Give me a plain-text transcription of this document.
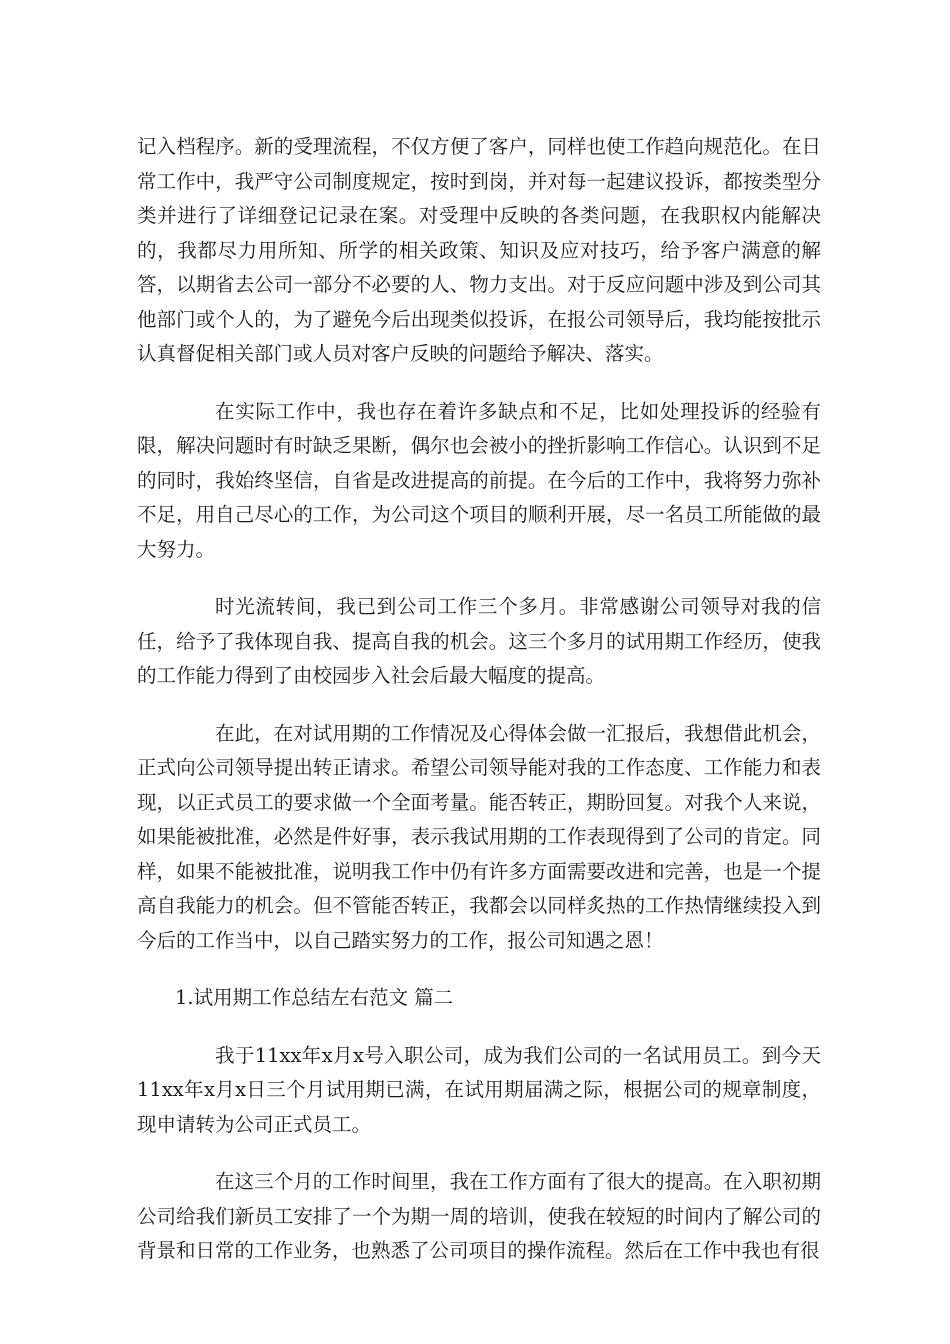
记入档程序。新的受理流程，不仅方便了客户，同样也使工作趋向规范化。在日常工作中，我严守公司制度规定，按时到岗，并对每一起建议投诉，都按类型分类并进行了详细登记记录在案。对受理中反映的各类问题，在我职权内能解决的，我都尽力用所知、所学的相关政策、知识及应对技巧，给予客户满意的解答，以期省去公司一部分不必要的人、物力支出。对于反应问题中涉及到公司其他部门或个人的，为了避免今后出现类似投诉，在报公司领导后，我均能按批示认真督促相关部门或人员对客户反映的问题给予解决、落实。

在实际工作中，我也存在着许多缺点和不足，比如处理投诉的经验有限，解决问题时有时缺乏果断，偶尔也会被小的挫折影响工作信心。认识到不足的同时，我始终坚信，自省是改进提高的前提。在今后的工作中，我将努力弥补不足，用自己尽心的工作，为公司这个项目的顺利开展，尽一名员工所能做的最大努力。

时光流转间，我已到公司工作三个多月。非常感谢公司领导对我的信任，给予了我体现自我、提高自我的机会。这三个多月的试用期工作经历，使我的工作能力得到了由校园步入社会后最大幅度的提高。

在此，在对试用期的工作情况及心得体会做一汇报后，我想借此机会，正式向公司领导提出转正请求。希望公司领导能对我的工作态度、工作能力和表现，以正式员工的要求做一个全面考量。能否转正，期盼回复。对我个人来说，如果能被批准，必然是件好事，表示我试用期的工作表现得到了公司的肯定。同样，如果不能被批准，说明我工作中仍有许多方面需要改进和完善，也是一个提高自我能力的机会。但不管能否转正，我都会以同样炙热的工作热情继续投入到今后的工作当中，以自己踏实努力的工作，报公司知遇之恩！

1.试用期工作总结左右范文 篇二

我于11xx年x月x号入职公司，成为我们公司的一名试用员工。到今天11xx年x月x日三个月试用期已满，在试用期届满之际，根据公司的规章制度，现申请转为公司正式员工。

在这三个月的工作时间里，我在工作方面有了很大的提高。在入职初期公司给我们新员工安排了一个为期一周的培训，使我在较短的时间内了解公司的背景和日常的工作业务，也熟悉了公司项目的操作流程。然后在工作中我也有很
